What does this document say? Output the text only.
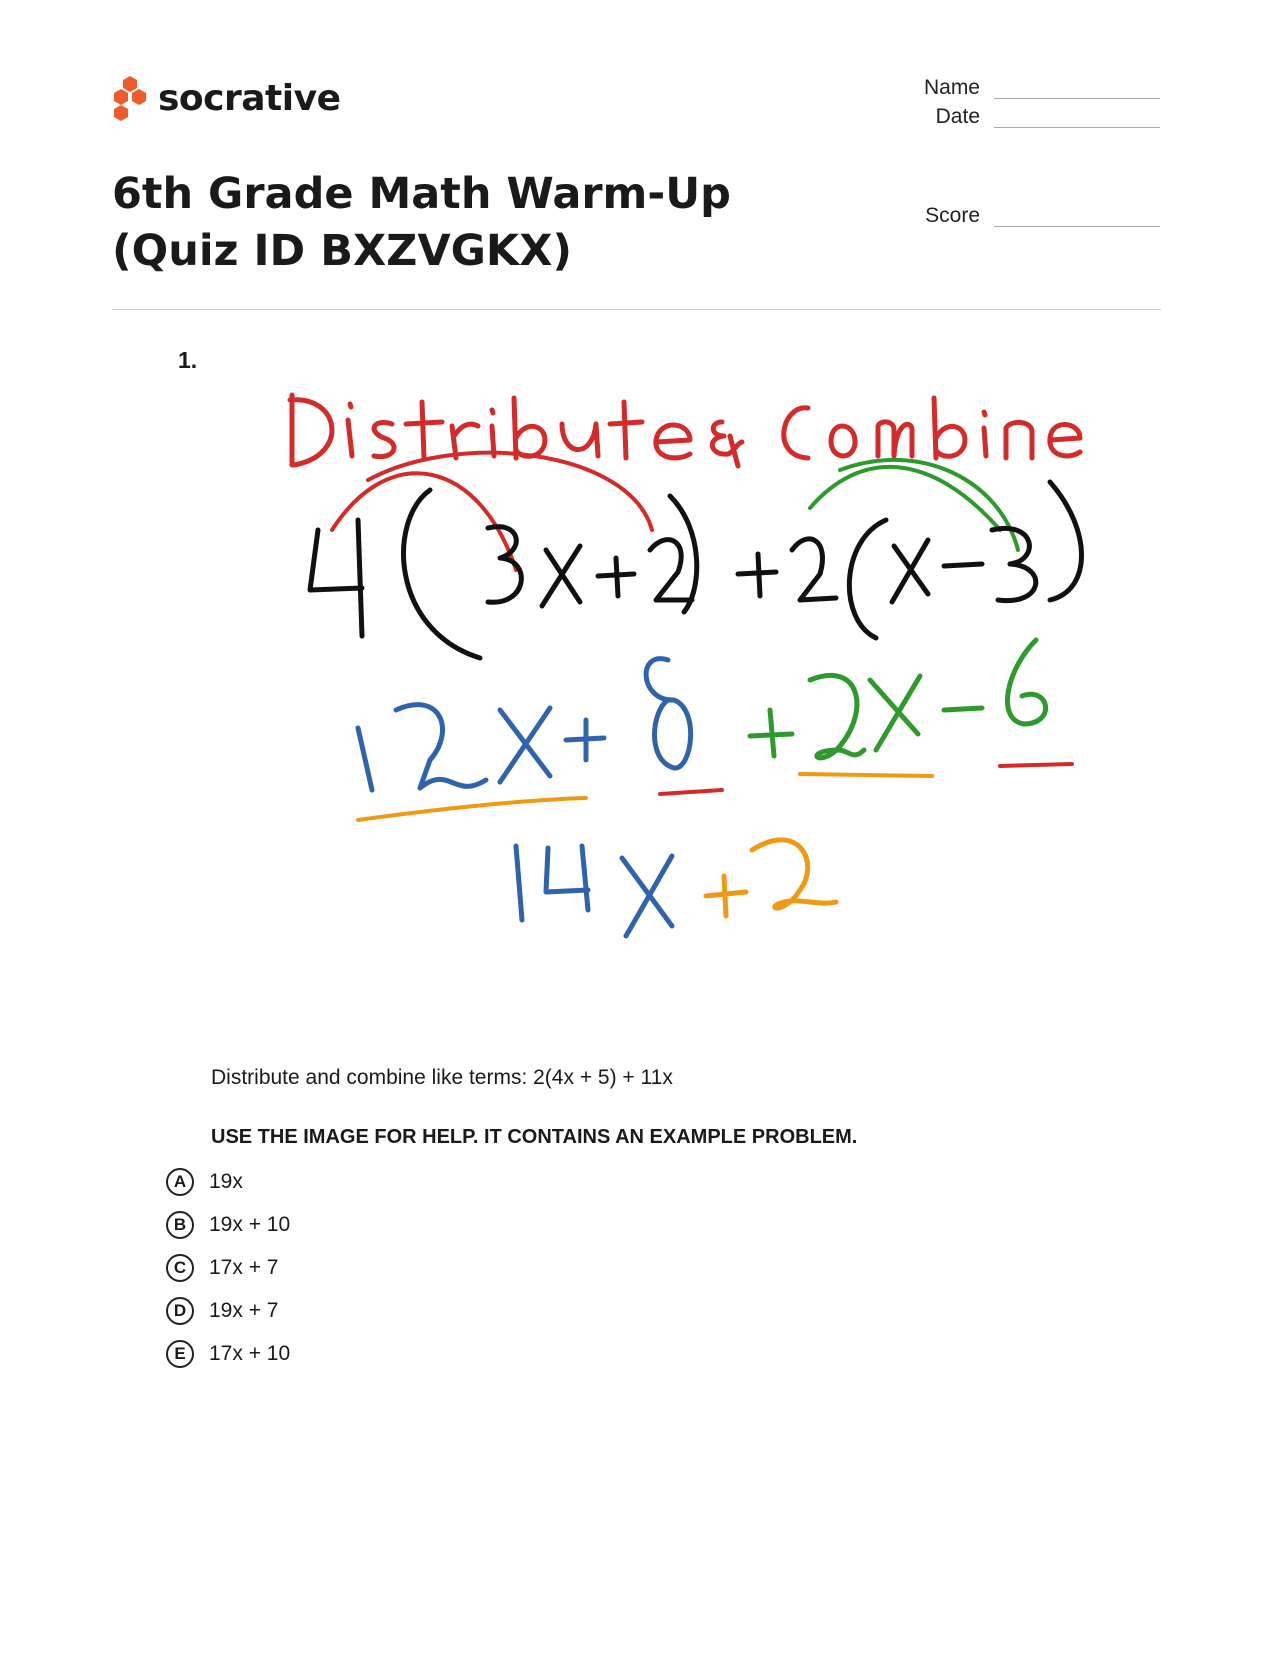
socrative	Name
Date
Score
6th Grade Math Warm-Up (Quiz ID BXZVGKX)
1.
Distribute and combine like terms: 2(4x + 5) + 11x
USE THE IMAGE FOR HELP. IT CONTAINS AN EXAMPLE PROBLEM.
A	19x
B	19x + 10
C	17x + 7
D	19x + 7
E	17x + 10
